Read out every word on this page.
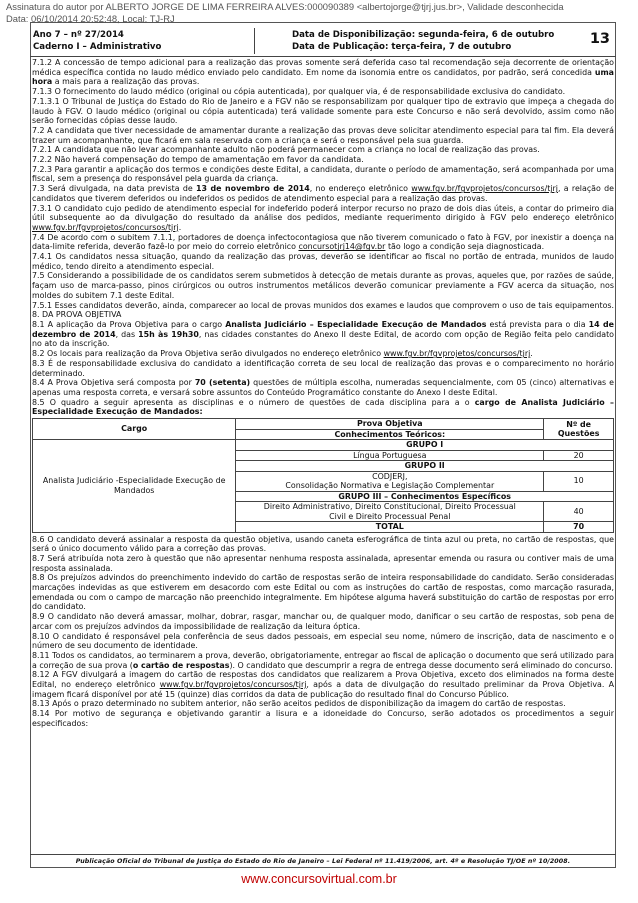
Assinatura do autor por ALBERTO JORGE DE LIMA FERREIRA ALVES:000090389 <albertojorge@tjrj.jus.br>, Validade desconhecida
Data: 06/10/2014 20:52:48, Local: TJ-RJ
Ano 7 – nº 27/2014
Caderno I – Administrativo
Data de Disponibilização: segunda-feira, 6 de outubro
Data de Publicação: terça-feira, 7 de outubro	13

7.1.2 A concessão de tempo adicional para a realização das provas somente será deferida caso tal recomendação seja decorrente de orientação médica específica contida no laudo médico enviado pelo candidato. Em nome da isonomia entre os candidatos, por padrão, será concedida uma hora a mais para a realização das provas.

7.1.3 O fornecimento do laudo médico (original ou cópia autenticada), por qualquer via, é de responsabilidade exclusiva do candidato.

7.1.3.1 O Tribunal de Justiça do Estado do Rio de Janeiro e a FGV não se responsabilizam por qualquer tipo de extravio que impeça a chegada do laudo à FGV. O laudo médico (original ou cópia autenticada) terá validade somente para este Concurso e não será devolvido, assim como não serão fornecidas cópias desse laudo.

7.2 A candidata que tiver necessidade de amamentar durante a realização das provas deve solicitar atendimento especial para tal fim. Ela deverá trazer um acompanhante, que ficará em sala reservada com a criança e será o responsável pela sua guarda.

7.2.1 A candidata que não levar acompanhante adulto não poderá permanecer com a criança no local de realização das provas.

7.2.2 Não haverá compensação do tempo de amamentação em favor da candidata.

7.2.3 Para garantir a aplicação dos termos e condições deste Edital, a candidata, durante o período de amamentação, será acompanhada por uma fiscal, sem a presença do responsável pela guarda da criança.

7.3 Será divulgada, na data prevista de 13 de novembro de 2014, no endereço eletrônico www.fgv.br/fgvprojetos/concursos/tjrj, a relação de candidatos que tiverem deferidos ou indeferidos os pedidos de atendimento especial para a realização das provas.

7.3.1 O candidato cujo pedido de atendimento especial for indeferido poderá interpor recurso no prazo de dois dias úteis, a contar do primeiro dia útil subsequente ao da divulgação do resultado da análise dos pedidos, mediante requerimento dirigido à FGV pelo endereço eletrônico www.fgv.br/fgvprojetos/concursos/tjrj.

7.4 De acordo com o subitem 7.1.1, portadores de doença infectocontagiosa que não tiverem comunicado o fato à FGV, por inexistir a doença na data-limite referida, deverão fazê-lo por meio do correio eletrônico concursotjrj14@fgv.br tão logo a condição seja diagnosticada.

7.4.1 Os candidatos nessa situação, quando da realização das provas, deverão se identificar ao fiscal no portão de entrada, munidos de laudo médico, tendo direito a atendimento especial.

7.5 Considerando a possibilidade de os candidatos serem submetidos à detecção de metais durante as provas, aqueles que, por razões de saúde, façam uso de marca-passo, pinos cirúrgicos ou outros instrumentos metálicos deverão comunicar previamente a FGV acerca da situação, nos moldes do subitem 7.1 deste Edital.

7.5.1 Esses candidatos deverão, ainda, comparecer ao local de provas munidos dos exames e laudos que comprovem o uso de tais equipamentos.

8. DA PROVA OBJETIVA

8.1 A aplicação da Prova Objetiva para o cargo Analista Judiciário – Especialidade Execução de Mandados está prevista para o dia 14 de dezembro de 2014, das 15h às 19h30, nas cidades constantes do Anexo II deste Edital, de acordo com opção de Região feita pelo candidato no ato da inscrição.

8.2 Os locais para realização da Prova Objetiva serão divulgados no endereço eletrônico www.fgv.br/fgvprojetos/concursos/tjrj.

8.3 É de responsabilidade exclusiva do candidato a identificação correta de seu local de realização das provas e o comparecimento no horário determinado.

8.4 A Prova Objetiva será composta por 70 (setenta) questões de múltipla escolha, numeradas sequencialmente, com 05 (cinco) alternativas e apenas uma resposta correta, e versará sobre assuntos do Conteúdo Programático constante do Anexo I deste Edital.

8.5 O quadro a seguir apresenta as disciplinas e o número de questões de cada disciplina para a o cargo de Analista Judiciário – Especialidade Execução de Mandados:

Cargo	Prova Objetiva	Nº de
Questões

	Conhecimentos Teóricos:	
Analista Judiciário -Especialidade Execução de Mandados	GRUPO I	
	Língua Portuguesa	20
	GRUPO II	

	CODJERJ,
Consolidação Normativa e Legislação Complementar	10
	GRUPO III – Conhecimentos Específicos	

	Direito Administrativo, Direito Constitucional, Direito Processual
Civil e Direito Processual Penal	40
	TOTAL	70

8.6 O candidato deverá assinalar a resposta da questão objetiva, usando caneta esferográfica de tinta azul ou preta, no cartão de respostas, que será o único documento válido para a correção das provas.

8.7 Será atribuída nota zero à questão que não apresentar nenhuma resposta assinalada, apresentar emenda ou rasura ou contiver mais de uma resposta assinalada.

8.8 Os prejuízos advindos do preenchimento indevido do cartão de respostas serão de inteira responsabilidade do candidato. Serão consideradas marcações indevidas as que estiverem em desacordo com este Edital ou com as instruções do cartão de respostas, como marcação rasurada, emendada ou com o campo de marcação não preenchido integralmente. Em hipótese alguma haverá substituição do cartão de respostas por erro do candidato.

8.9 O candidato não deverá amassar, molhar, dobrar, rasgar, manchar ou, de qualquer modo, danificar o seu cartão de respostas, sob pena de arcar com os prejuízos advindos da impossibilidade de realização da leitura óptica.

8.10 O candidato é responsável pela conferência de seus dados pessoais, em especial seu nome, número de inscrição, data de nascimento e o número de seu documento de identidade.

8.11 Todos os candidatos, ao terminarem a prova, deverão, obrigatoriamente, entregar ao fiscal de aplicação o documento que será utilizado para a correção de sua prova (o cartão de respostas). O candidato que descumprir a regra de entrega desse documento será eliminado do concurso.

8.12 A FGV divulgará a imagem do cartão de respostas dos candidatos que realizarem a Prova Objetiva, exceto dos eliminados na forma deste Edital, no endereço eletrônico www.fgv.br/fgvprojetos/concursos/tjrj, após a data de divulgação do resultado preliminar da Prova Objetiva. A imagem ficará disponível por até 15 (quinze) dias corridos da data de publicação do resultado final do Concurso Público.

8.13 Após o prazo determinado no subitem anterior, não serão aceitos pedidos de disponibilização da imagem do cartão de respostas.

8.14 Por motivo de segurança e objetivando garantir a lisura e a idoneidade do Concurso, serão adotados os procedimentos a seguir especificados:

Publicação Oficial do Tribunal de Justiça do Estado do Rio de Janeiro – Lei Federal nº 11.419/2006, art. 4º e Resolução TJ/OE nº 10/2008.
www.concursovirtual.com.br
